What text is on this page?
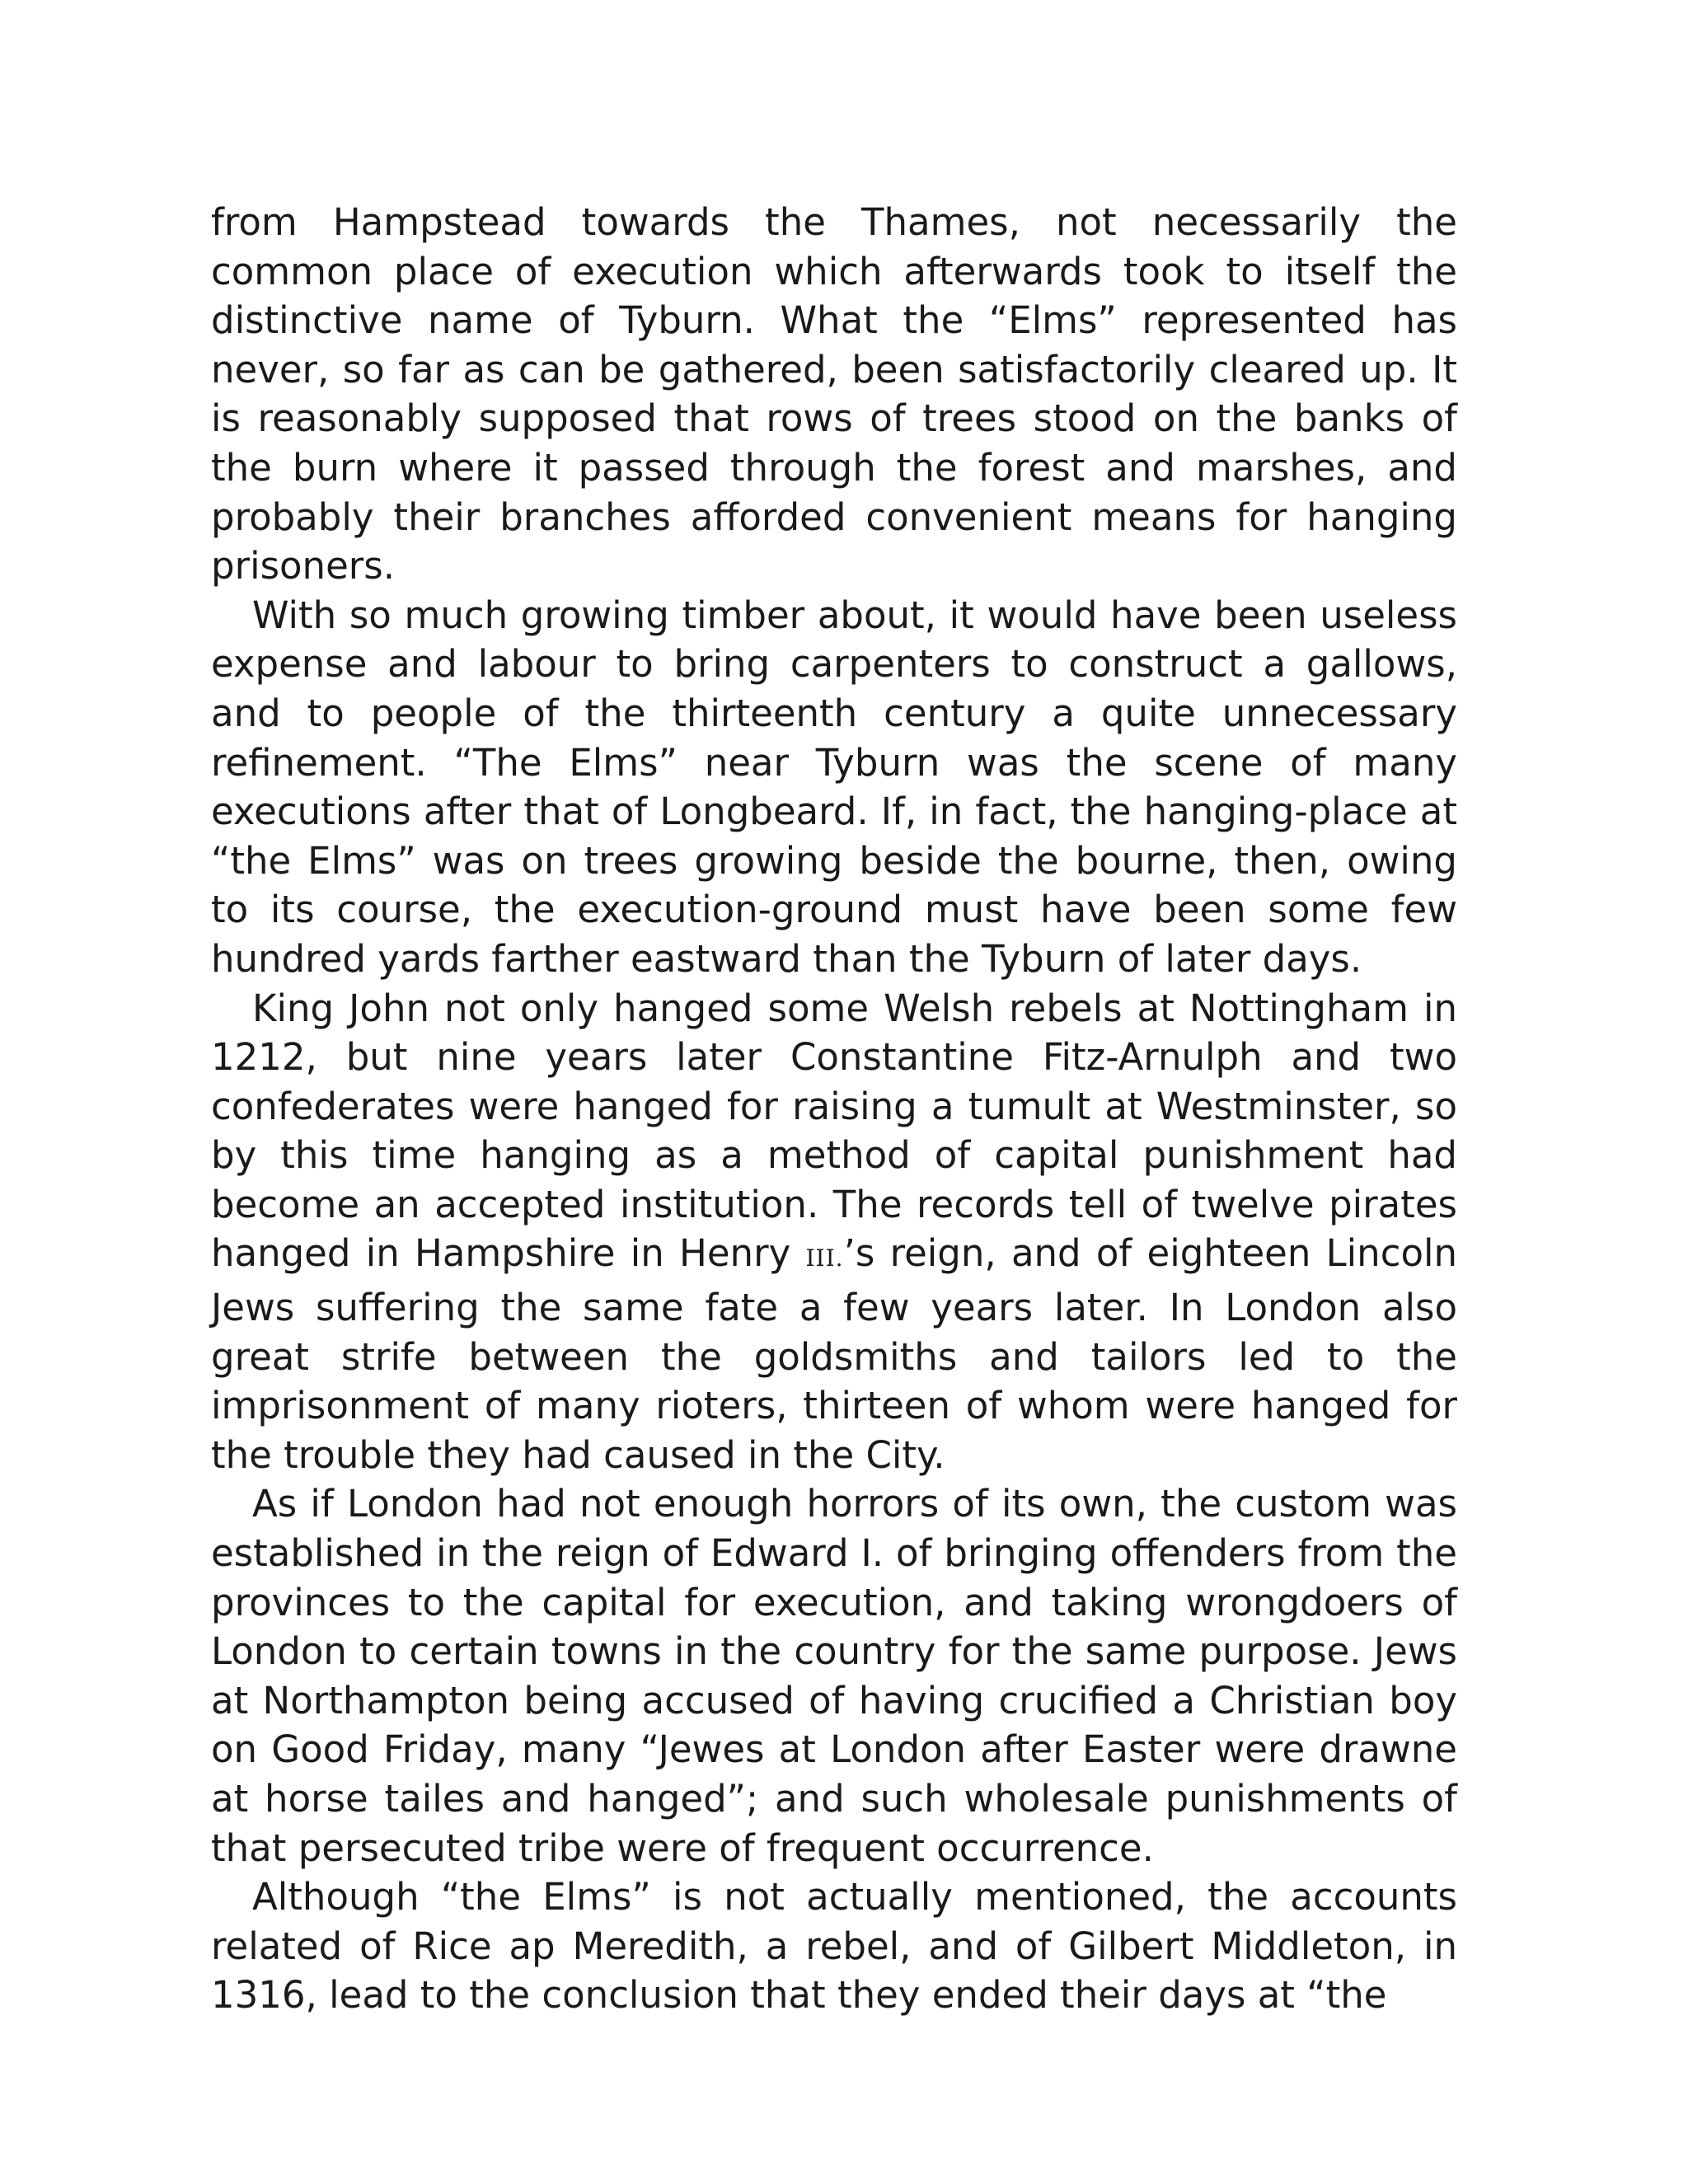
from Hampstead towards the Thames, not necessarily the common place of execution which afterwards took to itself the distinctive name of Tyburn. What the “Elms” represented has never, so far as can be gathered, been satisfactorily cleared up. It is reasonably supposed that rows of trees stood on the banks of the burn where it passed through the forest and marshes, and probably their branches afforded convenient means for hanging prisoners.

With so much growing timber about, it would have been useless expense and labour to bring carpenters to construct a gallows, and to people of the thirteenth century a quite unnecessary refinement. “The Elms” near Tyburn was the scene of many executions after that of Longbeard. If, in fact, the hanging-place at “the Elms” was on trees growing beside the bourne, then, owing to its course, the execution-ground must have been some few hundred yards farther eastward than the Tyburn of later days.

King John not only hanged some Welsh rebels at Nottingham in 1212, but nine years later Constantine Fitz-Arnulph and two confederates were hanged for raising a tumult at Westminster, so by this time hanging as a method of capital punishment had become an accepted institution. The records tell of twelve pirates hanged in Hampshire in Henry III.’s reign, and of eighteen Lincoln Jews suffering the same fate a few years later. In London also great strife between the goldsmiths and tailors led to the imprisonment of many rioters, thirteen of whom were hanged for the trouble they had caused in the City.

As if London had not enough horrors of its own, the custom was established in the reign of Edward I. of bringing offenders from the provinces to the capital for execution, and taking wrongdoers of London to certain towns in the country for the same purpose. Jews at Northampton being accused of having crucified a Christian boy on Good Friday, many “Jewes at London after Easter were drawne at horse tailes and hanged”; and such wholesale punishments of that persecuted tribe were of frequent occurrence.

Although “the Elms” is not actually mentioned, the accounts related of Rice ap Meredith, a rebel, and of Gilbert Middleton, in 1316, lead to the conclusion that they ended their days at “the
